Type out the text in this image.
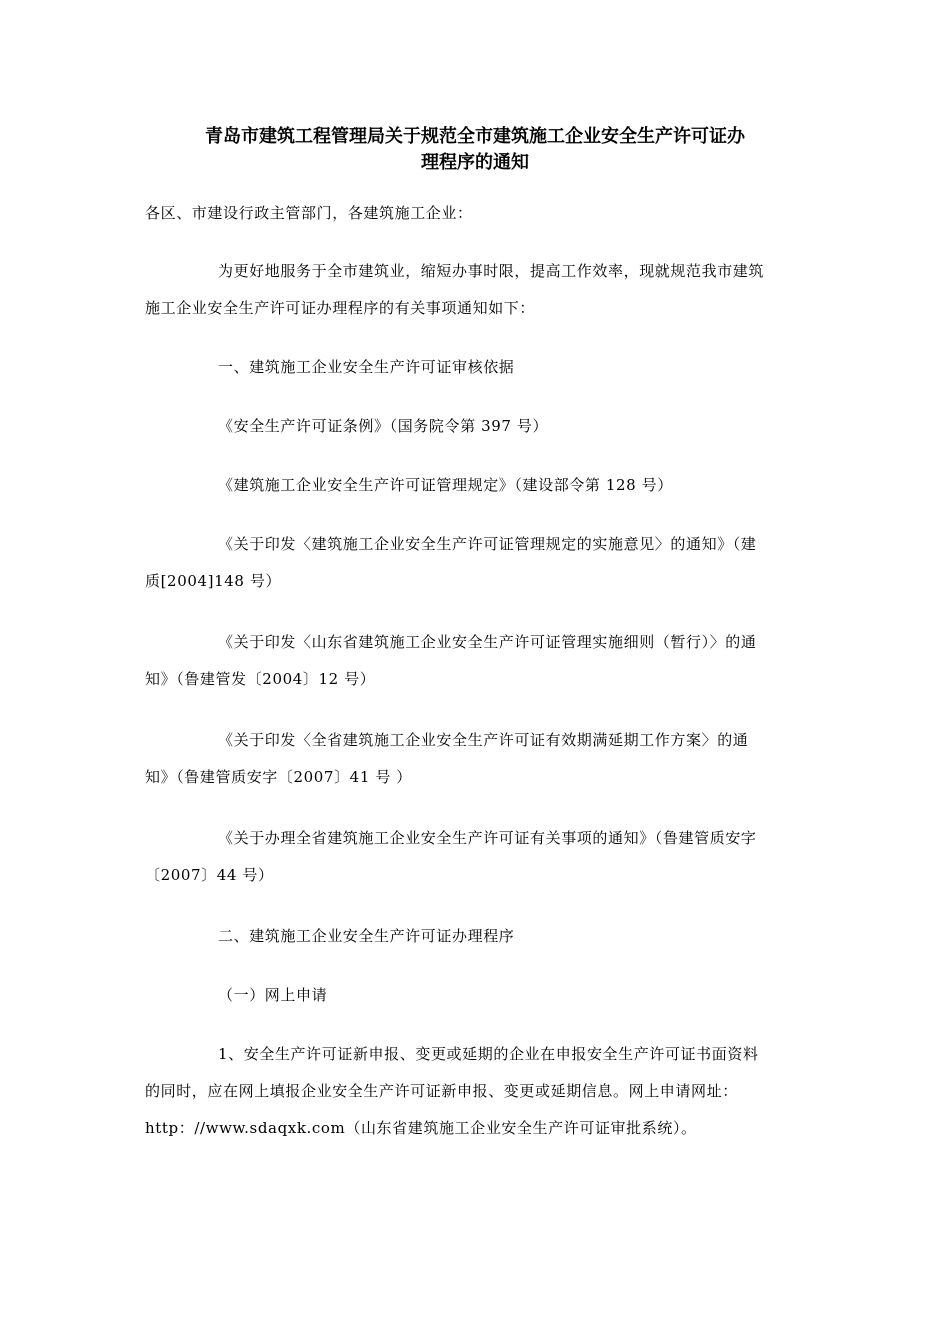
青岛市建筑工程管理局关于规范全市建筑施工企业安全生产许可证办
理程序的通知
各区、市建设行政主管部门，各建筑施工企业：
为更好地服务于全市建筑业，缩短办事时限，提高工作效率，现就规范我市建筑
施工企业安全生产许可证办理程序的有关事项通知如下：
一、建筑施工企业安全生产许可证审核依据
《安全生产许可证条例》（国务院令第 397 号）
《建筑施工企业安全生产许可证管理规定》（建设部令第 128 号）
《关于印发〈建筑施工企业安全生产许可证管理规定的实施意见〉的通知》（建
质[2004]148 号）
《关于印发〈山东省建筑施工企业安全生产许可证管理实施细则（暂行）〉的通
知》（鲁建管发〔2004〕12 号）
《关于印发〈全省建筑施工企业安全生产许可证有效期满延期工作方案〉的通
知》（鲁建管质安字〔2007〕41 号 ）
《关于办理全省建筑施工企业安全生产许可证有关事项的通知》（鲁建管质安字
〔2007〕44 号）
二、建筑施工企业安全生产许可证办理程序
（一）网上申请
1、安全生产许可证新申报、变更或延期的企业在申报安全生产许可证书面资料
的同时，应在网上填报企业安全生产许可证新申报、变更或延期信息。网上申请网址：
http：//www.sdaqxk.com（山东省建筑施工企业安全生产许可证审批系统）。
